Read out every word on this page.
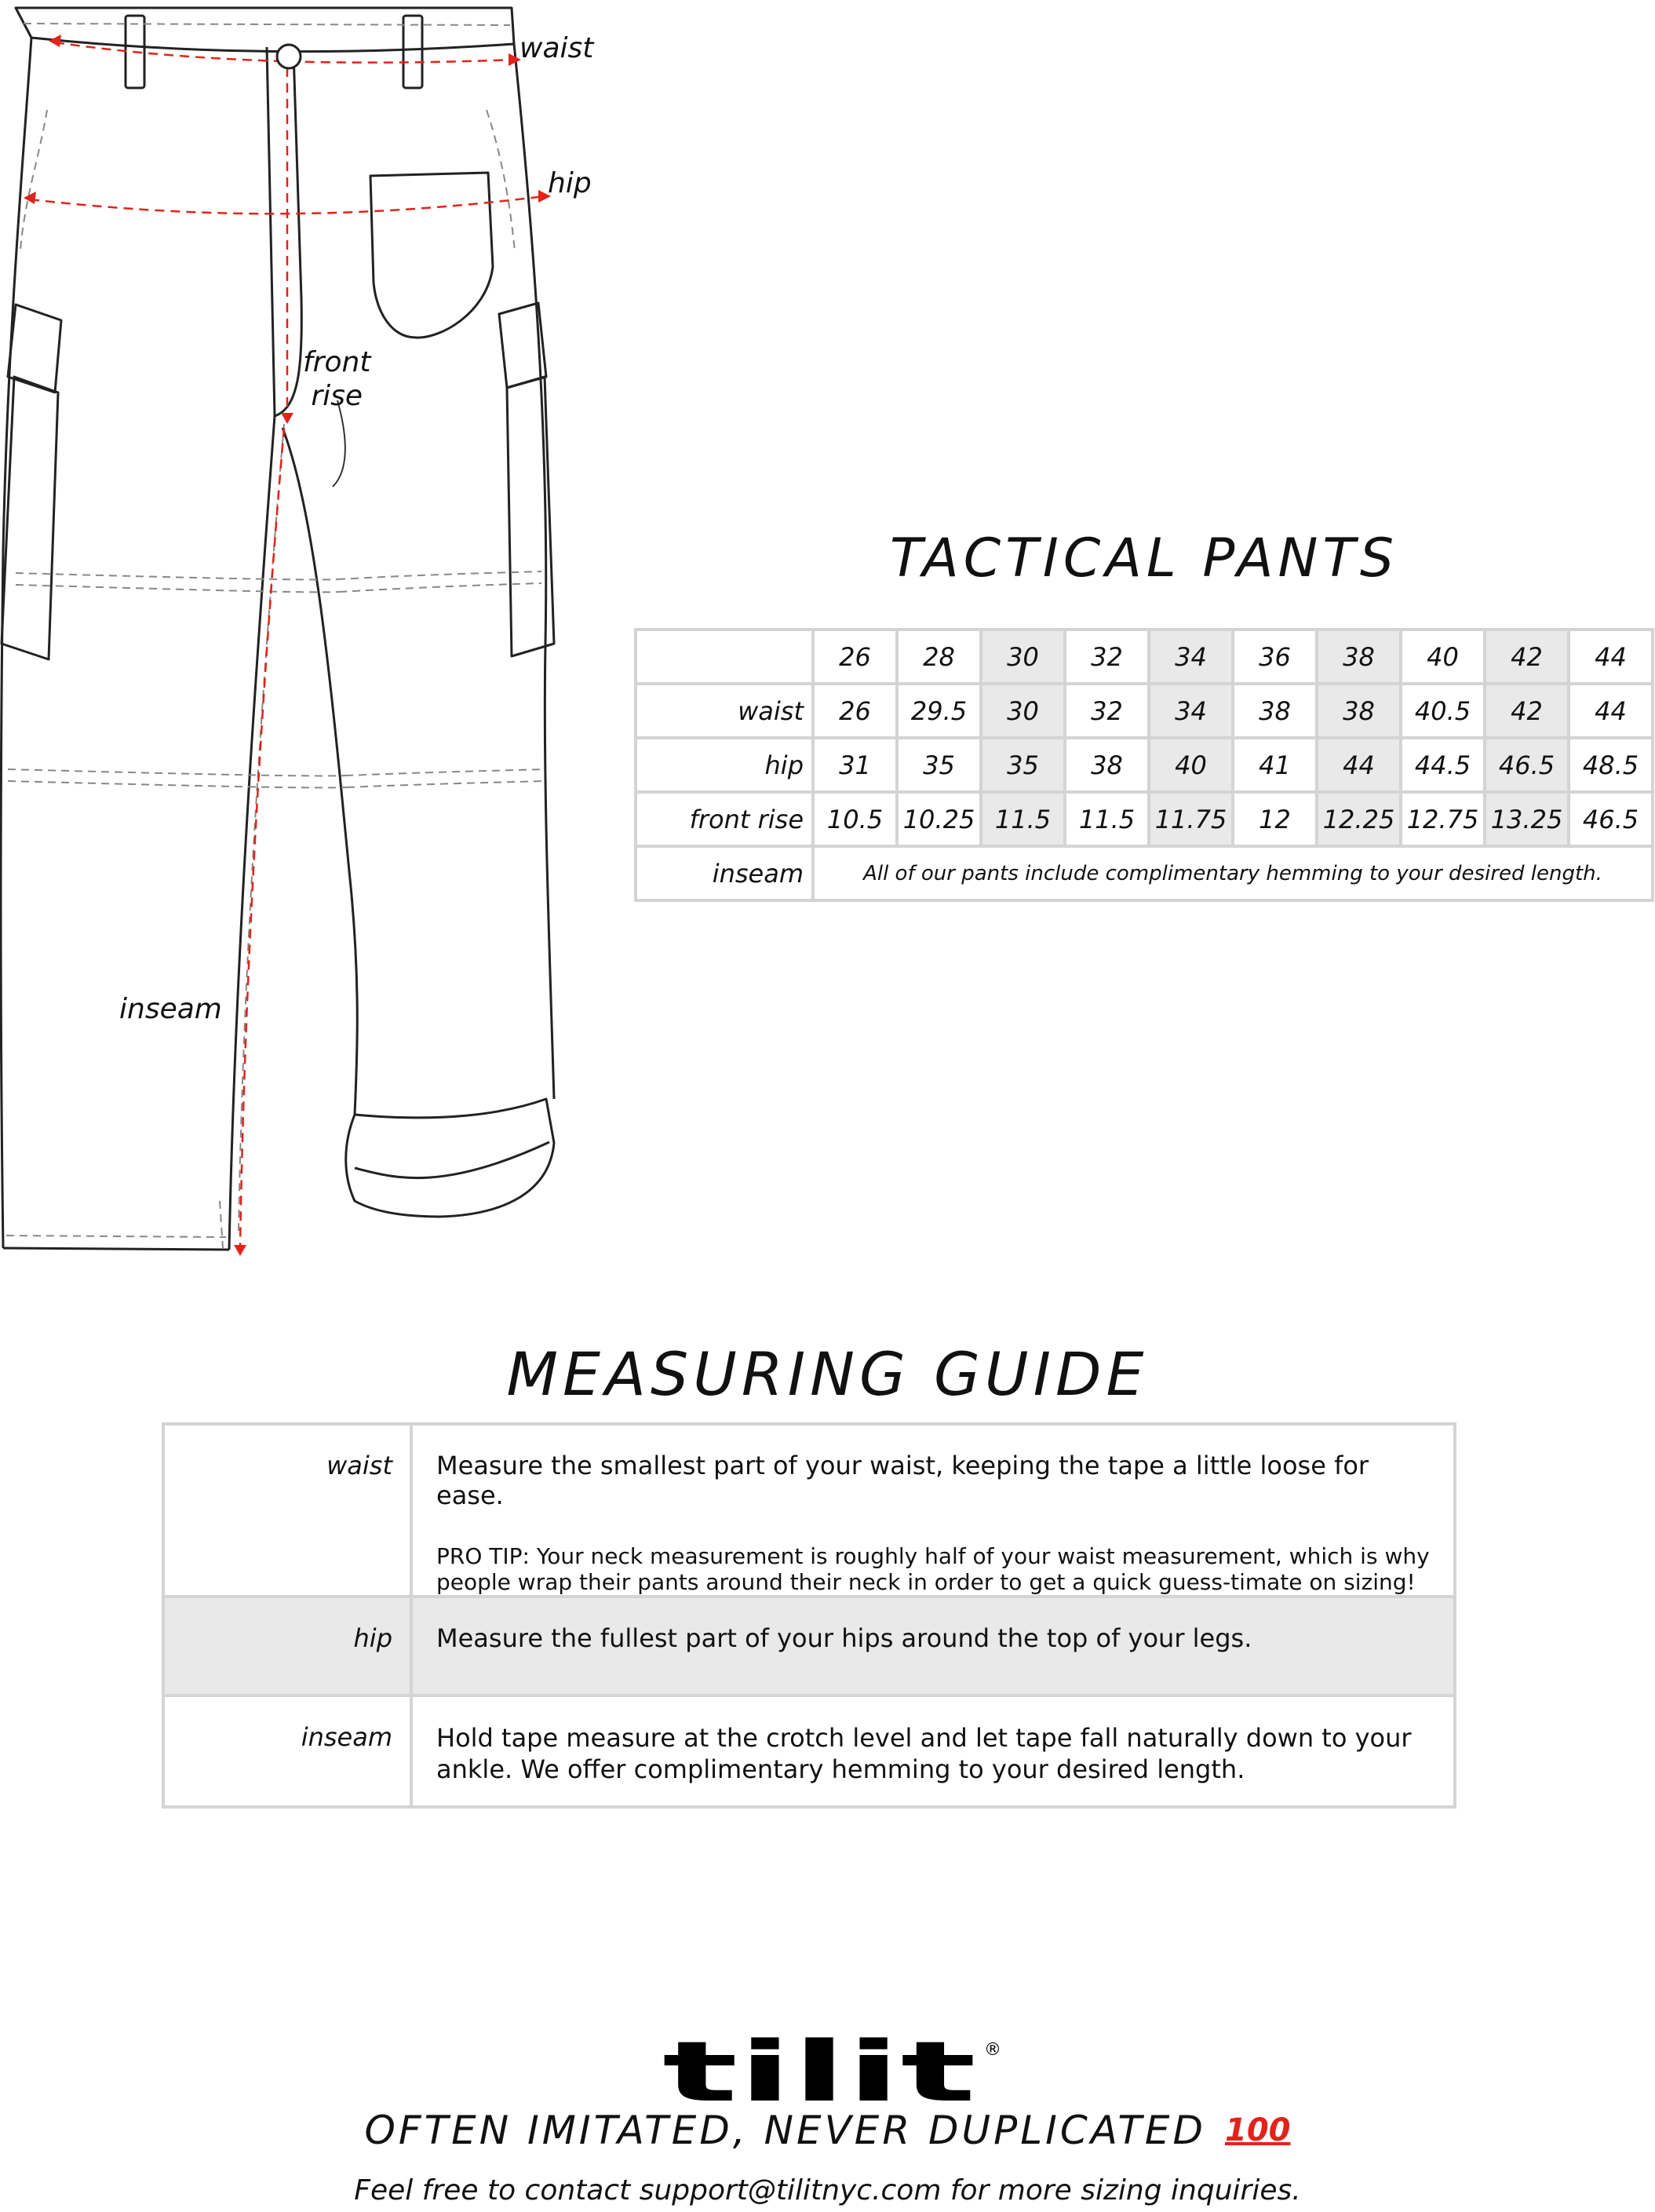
waist
hip
front
rise
inseam
TACTICAL PANTS
	26	28	30	32	34	36	38	40	42	44
waist	26	29.5	30	32	34	38	38	40.5	42	44
hip	31	35	35	38	40	41	44	44.5	46.5	48.5
front rise	10.5	10.25	11.5	11.5	11.75	12	12.25	12.75	13.25	46.5
inseam	All of our pants include complimentary hemming to your desired length.									
MEASURING GUIDE
waist	Measure the smallest part of your waist, keeping the tape a little loose for ease.
PRO TIP: Your neck measurement is roughly half of your waist measurement, which is why
people wrap their pants around their neck in order to get a quick guess-timate on sizing!

hip	Measure the fullest part of your hips around the top of your legs.

inseam	Hold tape measure at the crotch level and let tape fall naturally down to your
ankle. We offer complimentary hemming to your desired length.
tilit ®
OFTEN IMITATED, NEVER DUPLICATED 100
Feel free to contact support@tilitnyc.com for more sizing inquiries.
